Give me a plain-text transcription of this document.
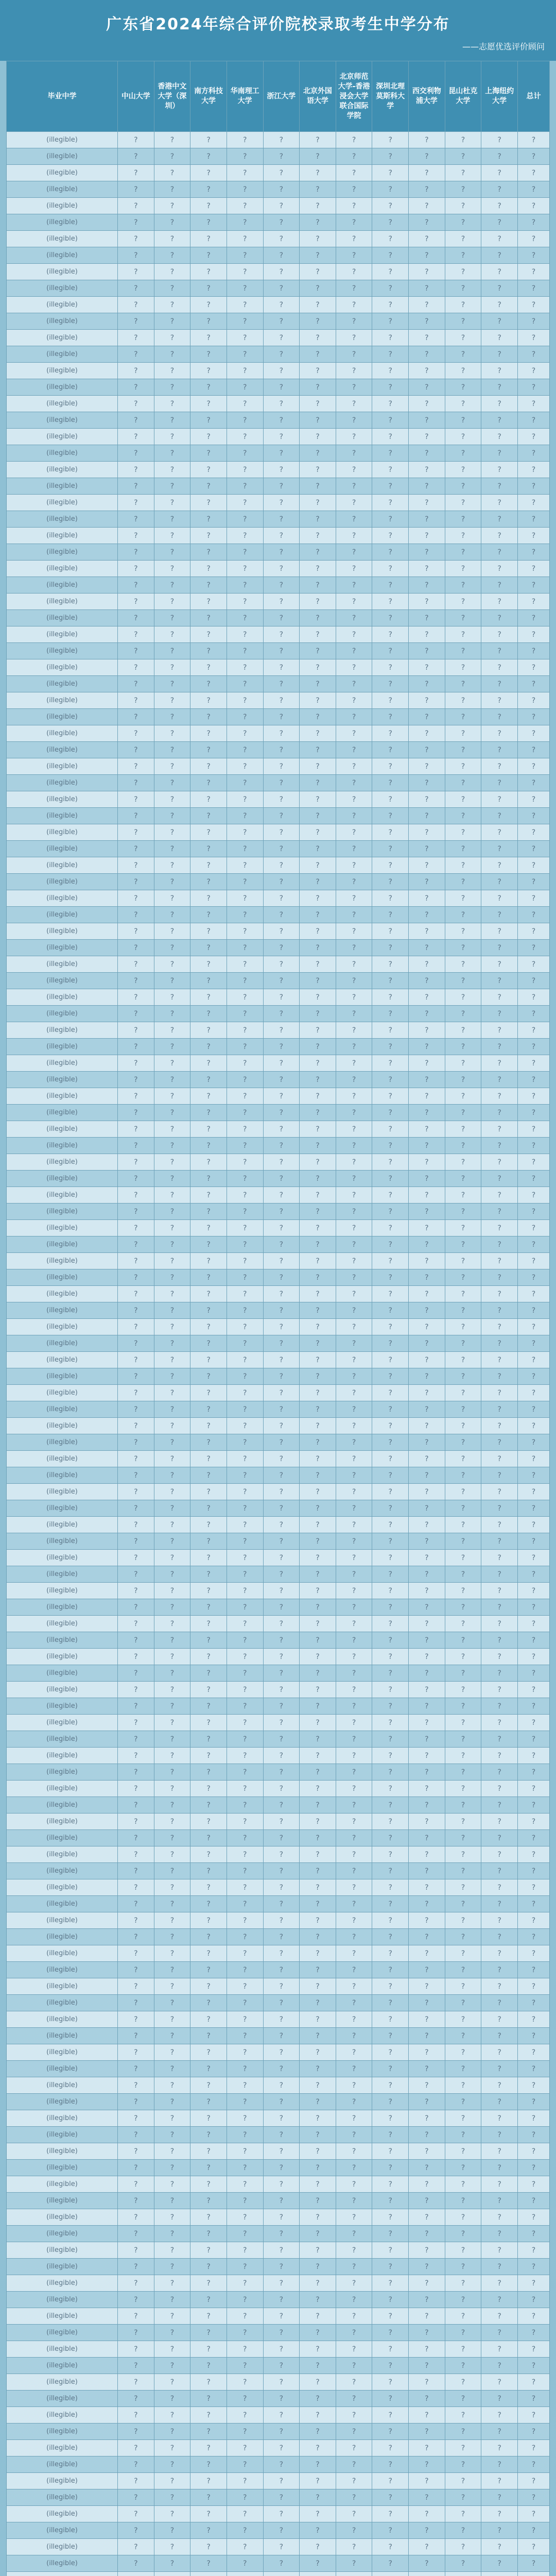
广东省2024年综合评价院校录取考生中学分布
——志愿优选评价顾问
毕业中学	中山大学	香港中文大学（深圳）	南方科技大学	华南理工大学	浙江大学	北京外国语大学	北京师范大学-香港浸会大学联合国际学院	深圳北理莫斯科大学	西交利物浦大学	昆山杜克大学	上海纽约大学	总计
(illegible)	?	?	?	?	?	?	?	?	?	?	?	?
(illegible)	?	?	?	?	?	?	?	?	?	?	?	?
(illegible)	?	?	?	?	?	?	?	?	?	?	?	?
(illegible)	?	?	?	?	?	?	?	?	?	?	?	?
(illegible)	?	?	?	?	?	?	?	?	?	?	?	?
(illegible)	?	?	?	?	?	?	?	?	?	?	?	?
(illegible)	?	?	?	?	?	?	?	?	?	?	?	?
(illegible)	?	?	?	?	?	?	?	?	?	?	?	?
(illegible)	?	?	?	?	?	?	?	?	?	?	?	?
(illegible)	?	?	?	?	?	?	?	?	?	?	?	?
(illegible)	?	?	?	?	?	?	?	?	?	?	?	?
(illegible)	?	?	?	?	?	?	?	?	?	?	?	?
(illegible)	?	?	?	?	?	?	?	?	?	?	?	?
(illegible)	?	?	?	?	?	?	?	?	?	?	?	?
(illegible)	?	?	?	?	?	?	?	?	?	?	?	?
(illegible)	?	?	?	?	?	?	?	?	?	?	?	?
(illegible)	?	?	?	?	?	?	?	?	?	?	?	?
(illegible)	?	?	?	?	?	?	?	?	?	?	?	?
(illegible)	?	?	?	?	?	?	?	?	?	?	?	?
(illegible)	?	?	?	?	?	?	?	?	?	?	?	?
(illegible)	?	?	?	?	?	?	?	?	?	?	?	?
(illegible)	?	?	?	?	?	?	?	?	?	?	?	?
(illegible)	?	?	?	?	?	?	?	?	?	?	?	?
(illegible)	?	?	?	?	?	?	?	?	?	?	?	?
(illegible)	?	?	?	?	?	?	?	?	?	?	?	?
(illegible)	?	?	?	?	?	?	?	?	?	?	?	?
(illegible)	?	?	?	?	?	?	?	?	?	?	?	?
(illegible)	?	?	?	?	?	?	?	?	?	?	?	?
(illegible)	?	?	?	?	?	?	?	?	?	?	?	?
(illegible)	?	?	?	?	?	?	?	?	?	?	?	?
(illegible)	?	?	?	?	?	?	?	?	?	?	?	?
(illegible)	?	?	?	?	?	?	?	?	?	?	?	?
(illegible)	?	?	?	?	?	?	?	?	?	?	?	?
(illegible)	?	?	?	?	?	?	?	?	?	?	?	?
(illegible)	?	?	?	?	?	?	?	?	?	?	?	?
(illegible)	?	?	?	?	?	?	?	?	?	?	?	?
(illegible)	?	?	?	?	?	?	?	?	?	?	?	?
(illegible)	?	?	?	?	?	?	?	?	?	?	?	?
(illegible)	?	?	?	?	?	?	?	?	?	?	?	?
(illegible)	?	?	?	?	?	?	?	?	?	?	?	?
(illegible)	?	?	?	?	?	?	?	?	?	?	?	?
(illegible)	?	?	?	?	?	?	?	?	?	?	?	?
(illegible)	?	?	?	?	?	?	?	?	?	?	?	?
(illegible)	?	?	?	?	?	?	?	?	?	?	?	?
(illegible)	?	?	?	?	?	?	?	?	?	?	?	?
(illegible)	?	?	?	?	?	?	?	?	?	?	?	?
(illegible)	?	?	?	?	?	?	?	?	?	?	?	?
(illegible)	?	?	?	?	?	?	?	?	?	?	?	?
(illegible)	?	?	?	?	?	?	?	?	?	?	?	?
(illegible)	?	?	?	?	?	?	?	?	?	?	?	?
(illegible)	?	?	?	?	?	?	?	?	?	?	?	?
(illegible)	?	?	?	?	?	?	?	?	?	?	?	?
(illegible)	?	?	?	?	?	?	?	?	?	?	?	?
(illegible)	?	?	?	?	?	?	?	?	?	?	?	?
(illegible)	?	?	?	?	?	?	?	?	?	?	?	?
(illegible)	?	?	?	?	?	?	?	?	?	?	?	?
(illegible)	?	?	?	?	?	?	?	?	?	?	?	?
(illegible)	?	?	?	?	?	?	?	?	?	?	?	?
(illegible)	?	?	?	?	?	?	?	?	?	?	?	?
(illegible)	?	?	?	?	?	?	?	?	?	?	?	?
(illegible)	?	?	?	?	?	?	?	?	?	?	?	?
(illegible)	?	?	?	?	?	?	?	?	?	?	?	?
(illegible)	?	?	?	?	?	?	?	?	?	?	?	?
(illegible)	?	?	?	?	?	?	?	?	?	?	?	?
(illegible)	?	?	?	?	?	?	?	?	?	?	?	?
(illegible)	?	?	?	?	?	?	?	?	?	?	?	?
(illegible)	?	?	?	?	?	?	?	?	?	?	?	?
(illegible)	?	?	?	?	?	?	?	?	?	?	?	?
(illegible)	?	?	?	?	?	?	?	?	?	?	?	?
(illegible)	?	?	?	?	?	?	?	?	?	?	?	?
(illegible)	?	?	?	?	?	?	?	?	?	?	?	?
(illegible)	?	?	?	?	?	?	?	?	?	?	?	?
(illegible)	?	?	?	?	?	?	?	?	?	?	?	?
(illegible)	?	?	?	?	?	?	?	?	?	?	?	?
(illegible)	?	?	?	?	?	?	?	?	?	?	?	?
(illegible)	?	?	?	?	?	?	?	?	?	?	?	?
(illegible)	?	?	?	?	?	?	?	?	?	?	?	?
(illegible)	?	?	?	?	?	?	?	?	?	?	?	?
(illegible)	?	?	?	?	?	?	?	?	?	?	?	?
(illegible)	?	?	?	?	?	?	?	?	?	?	?	?
(illegible)	?	?	?	?	?	?	?	?	?	?	?	?
(illegible)	?	?	?	?	?	?	?	?	?	?	?	?
(illegible)	?	?	?	?	?	?	?	?	?	?	?	?
(illegible)	?	?	?	?	?	?	?	?	?	?	?	?
(illegible)	?	?	?	?	?	?	?	?	?	?	?	?
(illegible)	?	?	?	?	?	?	?	?	?	?	?	?
(illegible)	?	?	?	?	?	?	?	?	?	?	?	?
(illegible)	?	?	?	?	?	?	?	?	?	?	?	?
(illegible)	?	?	?	?	?	?	?	?	?	?	?	?
(illegible)	?	?	?	?	?	?	?	?	?	?	?	?
(illegible)	?	?	?	?	?	?	?	?	?	?	?	?
(illegible)	?	?	?	?	?	?	?	?	?	?	?	?
(illegible)	?	?	?	?	?	?	?	?	?	?	?	?
(illegible)	?	?	?	?	?	?	?	?	?	?	?	?
(illegible)	?	?	?	?	?	?	?	?	?	?	?	?
(illegible)	?	?	?	?	?	?	?	?	?	?	?	?
(illegible)	?	?	?	?	?	?	?	?	?	?	?	?
(illegible)	?	?	?	?	?	?	?	?	?	?	?	?
(illegible)	?	?	?	?	?	?	?	?	?	?	?	?
(illegible)	?	?	?	?	?	?	?	?	?	?	?	?
(illegible)	?	?	?	?	?	?	?	?	?	?	?	?
(illegible)	?	?	?	?	?	?	?	?	?	?	?	?
(illegible)	?	?	?	?	?	?	?	?	?	?	?	?
(illegible)	?	?	?	?	?	?	?	?	?	?	?	?
(illegible)	?	?	?	?	?	?	?	?	?	?	?	?
(illegible)	?	?	?	?	?	?	?	?	?	?	?	?
(illegible)	?	?	?	?	?	?	?	?	?	?	?	?
(illegible)	?	?	?	?	?	?	?	?	?	?	?	?
(illegible)	?	?	?	?	?	?	?	?	?	?	?	?
(illegible)	?	?	?	?	?	?	?	?	?	?	?	?
(illegible)	?	?	?	?	?	?	?	?	?	?	?	?
(illegible)	?	?	?	?	?	?	?	?	?	?	?	?
(illegible)	?	?	?	?	?	?	?	?	?	?	?	?
(illegible)	?	?	?	?	?	?	?	?	?	?	?	?
(illegible)	?	?	?	?	?	?	?	?	?	?	?	?
(illegible)	?	?	?	?	?	?	?	?	?	?	?	?
(illegible)	?	?	?	?	?	?	?	?	?	?	?	?
(illegible)	?	?	?	?	?	?	?	?	?	?	?	?
(illegible)	?	?	?	?	?	?	?	?	?	?	?	?
(illegible)	?	?	?	?	?	?	?	?	?	?	?	?
(illegible)	?	?	?	?	?	?	?	?	?	?	?	?
(illegible)	?	?	?	?	?	?	?	?	?	?	?	?
(illegible)	?	?	?	?	?	?	?	?	?	?	?	?
(illegible)	?	?	?	?	?	?	?	?	?	?	?	?
(illegible)	?	?	?	?	?	?	?	?	?	?	?	?
(illegible)	?	?	?	?	?	?	?	?	?	?	?	?
(illegible)	?	?	?	?	?	?	?	?	?	?	?	?
(illegible)	?	?	?	?	?	?	?	?	?	?	?	?
(illegible)	?	?	?	?	?	?	?	?	?	?	?	?
(illegible)	?	?	?	?	?	?	?	?	?	?	?	?
(illegible)	?	?	?	?	?	?	?	?	?	?	?	?
(illegible)	?	?	?	?	?	?	?	?	?	?	?	?
(illegible)	?	?	?	?	?	?	?	?	?	?	?	?
(illegible)	?	?	?	?	?	?	?	?	?	?	?	?
(illegible)	?	?	?	?	?	?	?	?	?	?	?	?
(illegible)	?	?	?	?	?	?	?	?	?	?	?	?
(illegible)	?	?	?	?	?	?	?	?	?	?	?	?
(illegible)	?	?	?	?	?	?	?	?	?	?	?	?
(illegible)	?	?	?	?	?	?	?	?	?	?	?	?
(illegible)	?	?	?	?	?	?	?	?	?	?	?	?
(illegible)	?	?	?	?	?	?	?	?	?	?	?	?
(illegible)	?	?	?	?	?	?	?	?	?	?	?	?
(illegible)	?	?	?	?	?	?	?	?	?	?	?	?
(illegible)	?	?	?	?	?	?	?	?	?	?	?	?
(illegible)	?	?	?	?	?	?	?	?	?	?	?	?
(illegible)	?	?	?	?	?	?	?	?	?	?	?	?
(illegible)	?	?	?	?	?	?	?	?	?	?	?	?
(illegible)	?	?	?	?	?	?	?	?	?	?	?	?
